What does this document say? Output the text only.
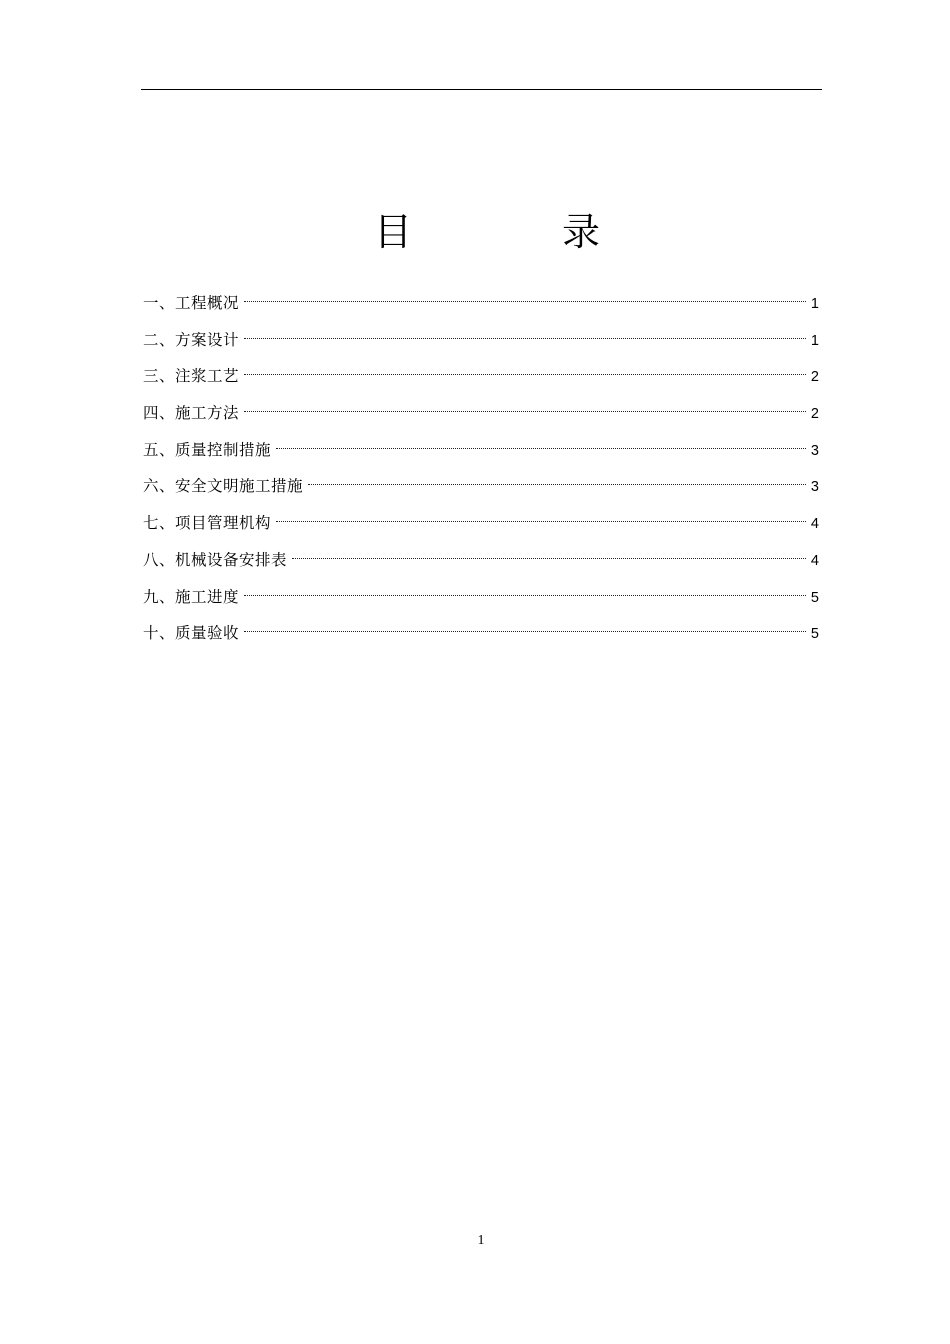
目　录
一、工程概况	1
二、方案设计	1
三、注浆工艺	2
四、施工方法	2
五、质量控制措施	3
六、安全文明施工措施	3
七、项目管理机构	4
八、机械设备安排表	4
九、施工进度	5
十、质量验收	5
1
